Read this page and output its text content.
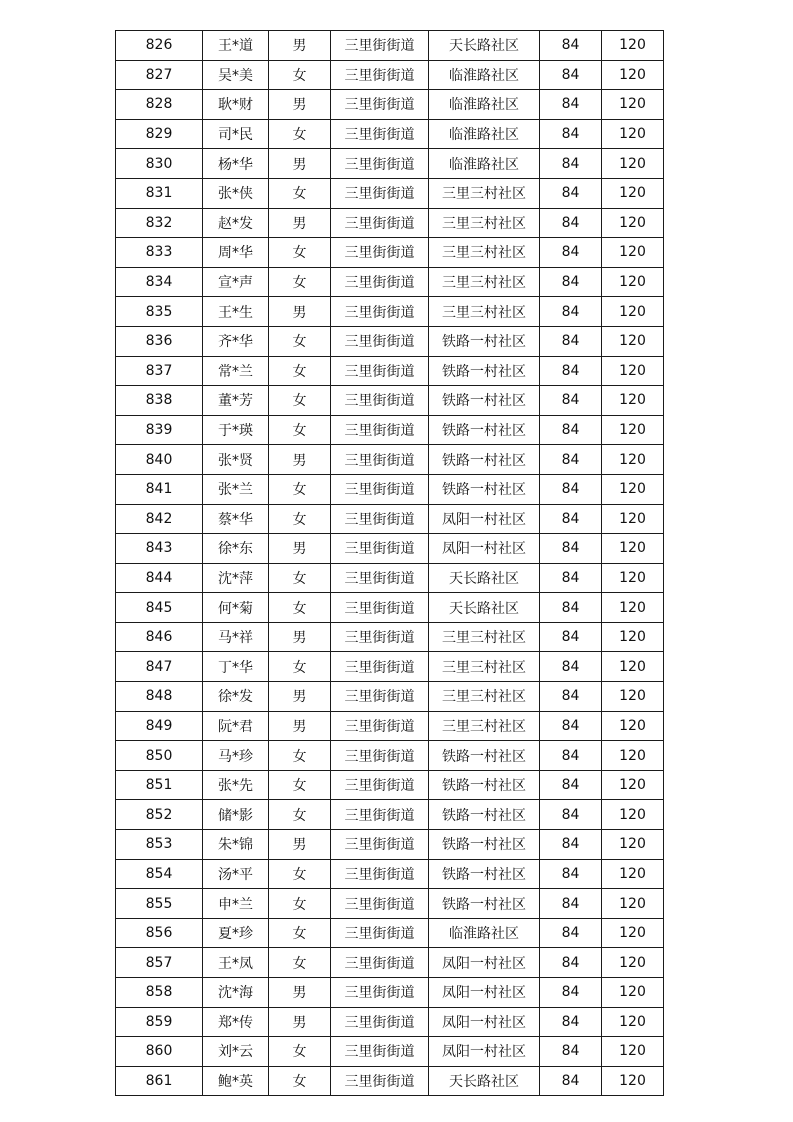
826	王*道	男	三里街街道	天长路社区	84	120
827	吴*美	女	三里街街道	临淮路社区	84	120
828	耿*财	男	三里街街道	临淮路社区	84	120
829	司*民	女	三里街街道	临淮路社区	84	120
830	杨*华	男	三里街街道	临淮路社区	84	120
831	张*侠	女	三里街街道	三里三村社区	84	120
832	赵*发	男	三里街街道	三里三村社区	84	120
833	周*华	女	三里街街道	三里三村社区	84	120
834	宣*声	女	三里街街道	三里三村社区	84	120
835	王*生	男	三里街街道	三里三村社区	84	120
836	齐*华	女	三里街街道	铁路一村社区	84	120
837	常*兰	女	三里街街道	铁路一村社区	84	120
838	董*芳	女	三里街街道	铁路一村社区	84	120
839	于*瑛	女	三里街街道	铁路一村社区	84	120
840	张*贤	男	三里街街道	铁路一村社区	84	120
841	张*兰	女	三里街街道	铁路一村社区	84	120
842	蔡*华	女	三里街街道	凤阳一村社区	84	120
843	徐*东	男	三里街街道	凤阳一村社区	84	120
844	沈*萍	女	三里街街道	天长路社区	84	120
845	何*菊	女	三里街街道	天长路社区	84	120
846	马*祥	男	三里街街道	三里三村社区	84	120
847	丁*华	女	三里街街道	三里三村社区	84	120
848	徐*发	男	三里街街道	三里三村社区	84	120
849	阮*君	男	三里街街道	三里三村社区	84	120
850	马*珍	女	三里街街道	铁路一村社区	84	120
851	张*先	女	三里街街道	铁路一村社区	84	120
852	储*影	女	三里街街道	铁路一村社区	84	120
853	朱*锦	男	三里街街道	铁路一村社区	84	120
854	汤*平	女	三里街街道	铁路一村社区	84	120
855	申*兰	女	三里街街道	铁路一村社区	84	120
856	夏*珍	女	三里街街道	临淮路社区	84	120
857	王*凤	女	三里街街道	凤阳一村社区	84	120
858	沈*海	男	三里街街道	凤阳一村社区	84	120
859	郑*传	男	三里街街道	凤阳一村社区	84	120
860	刘*云	女	三里街街道	凤阳一村社区	84	120
861	鲍*英	女	三里街街道	天长路社区	84	120
